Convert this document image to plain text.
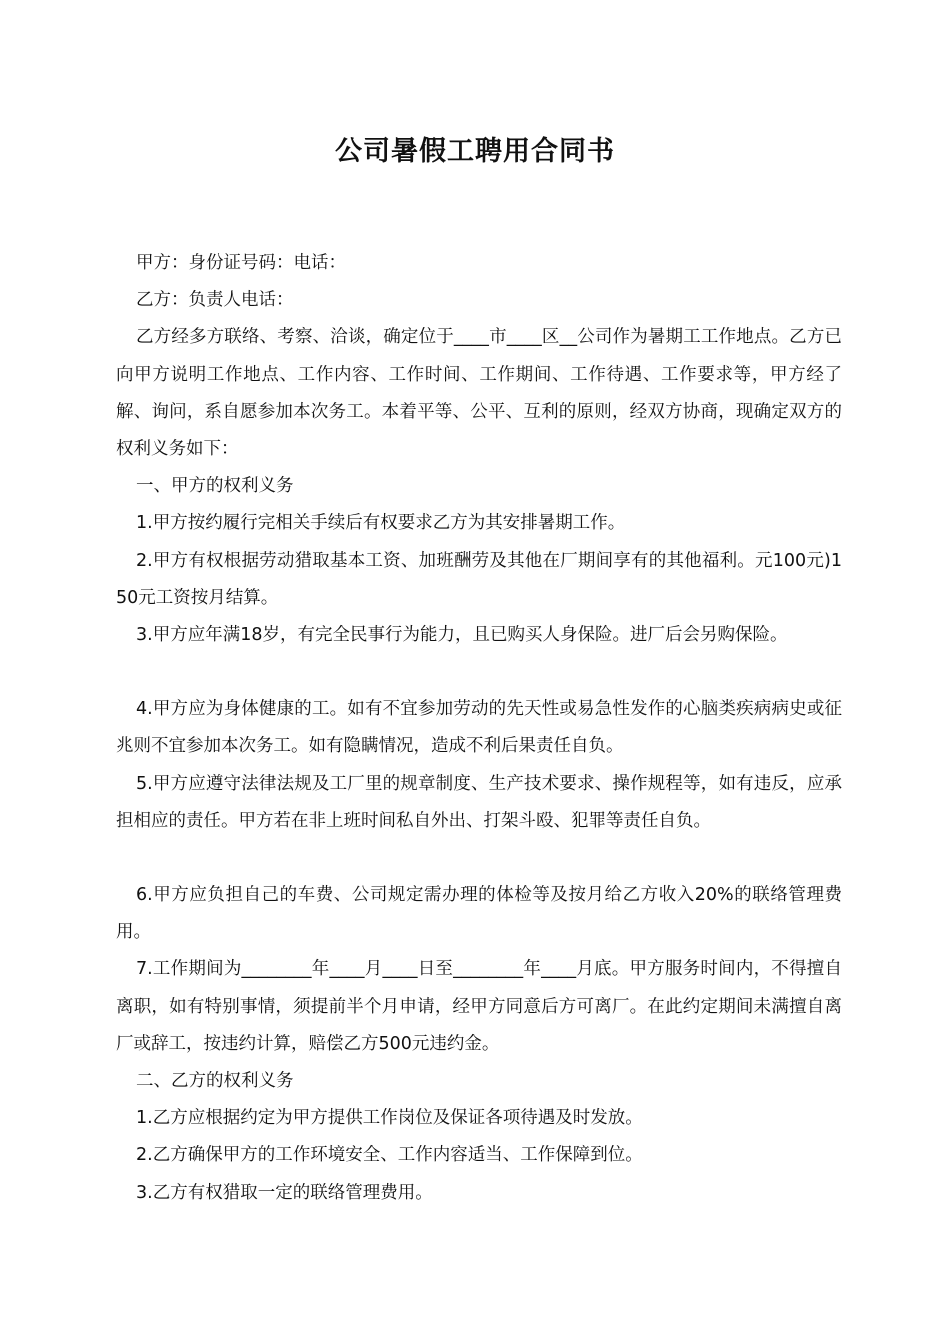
公司暑假工聘用合同书

甲方：身份证号码：电话：

乙方：负责人电话：

乙方经多方联络、考察、洽谈，确定位于____市____区__公司作为暑期工工作地点。乙方已向甲方说明工作地点、工作内容、工作时间、工作期间、工作待遇、工作要求等，甲方经了解、询问，系自愿参加本次务工。本着平等、公平、互利的原则，经双方协商，现确定双方的权利义务如下：

一、甲方的权利义务

1.甲方按约履行完相关手续后有权要求乙方为其安排暑期工作。

2.甲方有权根据劳动猎取基本工资、加班酬劳及其他在厂期间享有的其他福利。元100元)150元工资按月结算。

3.甲方应年满18岁，有完全民事行为能力，且已购买人身保险。进厂后会另购保险。

4.甲方应为身体健康的工。如有不宜参加劳动的先天性或易急性发作的心脑类疾病病史或征兆则不宜参加本次务工。如有隐瞒情况，造成不利后果责任自负。

5.甲方应遵守法律法规及工厂里的规章制度、生产技术要求、操作规程等，如有违反，应承担相应的责任。甲方若在非上班时间私自外出、打架斗殴、犯罪等责任自负。

6.甲方应负担自己的车费、公司规定需办理的体检等及按月给乙方收入20%的联络管理费用。

7.工作期间为________年____月____日至________年____月底。甲方服务时间内，不得擅自离职，如有特别事情，须提前半个月申请，经甲方同意后方可离厂。在此约定期间未满擅自离厂或辞工，按违约计算，赔偿乙方500元违约金。

二、乙方的权利义务

1.乙方应根据约定为甲方提供工作岗位及保证各项待遇及时发放。

2.乙方确保甲方的工作环境安全、工作内容适当、工作保障到位。

3.乙方有权猎取一定的联络管理费用。
